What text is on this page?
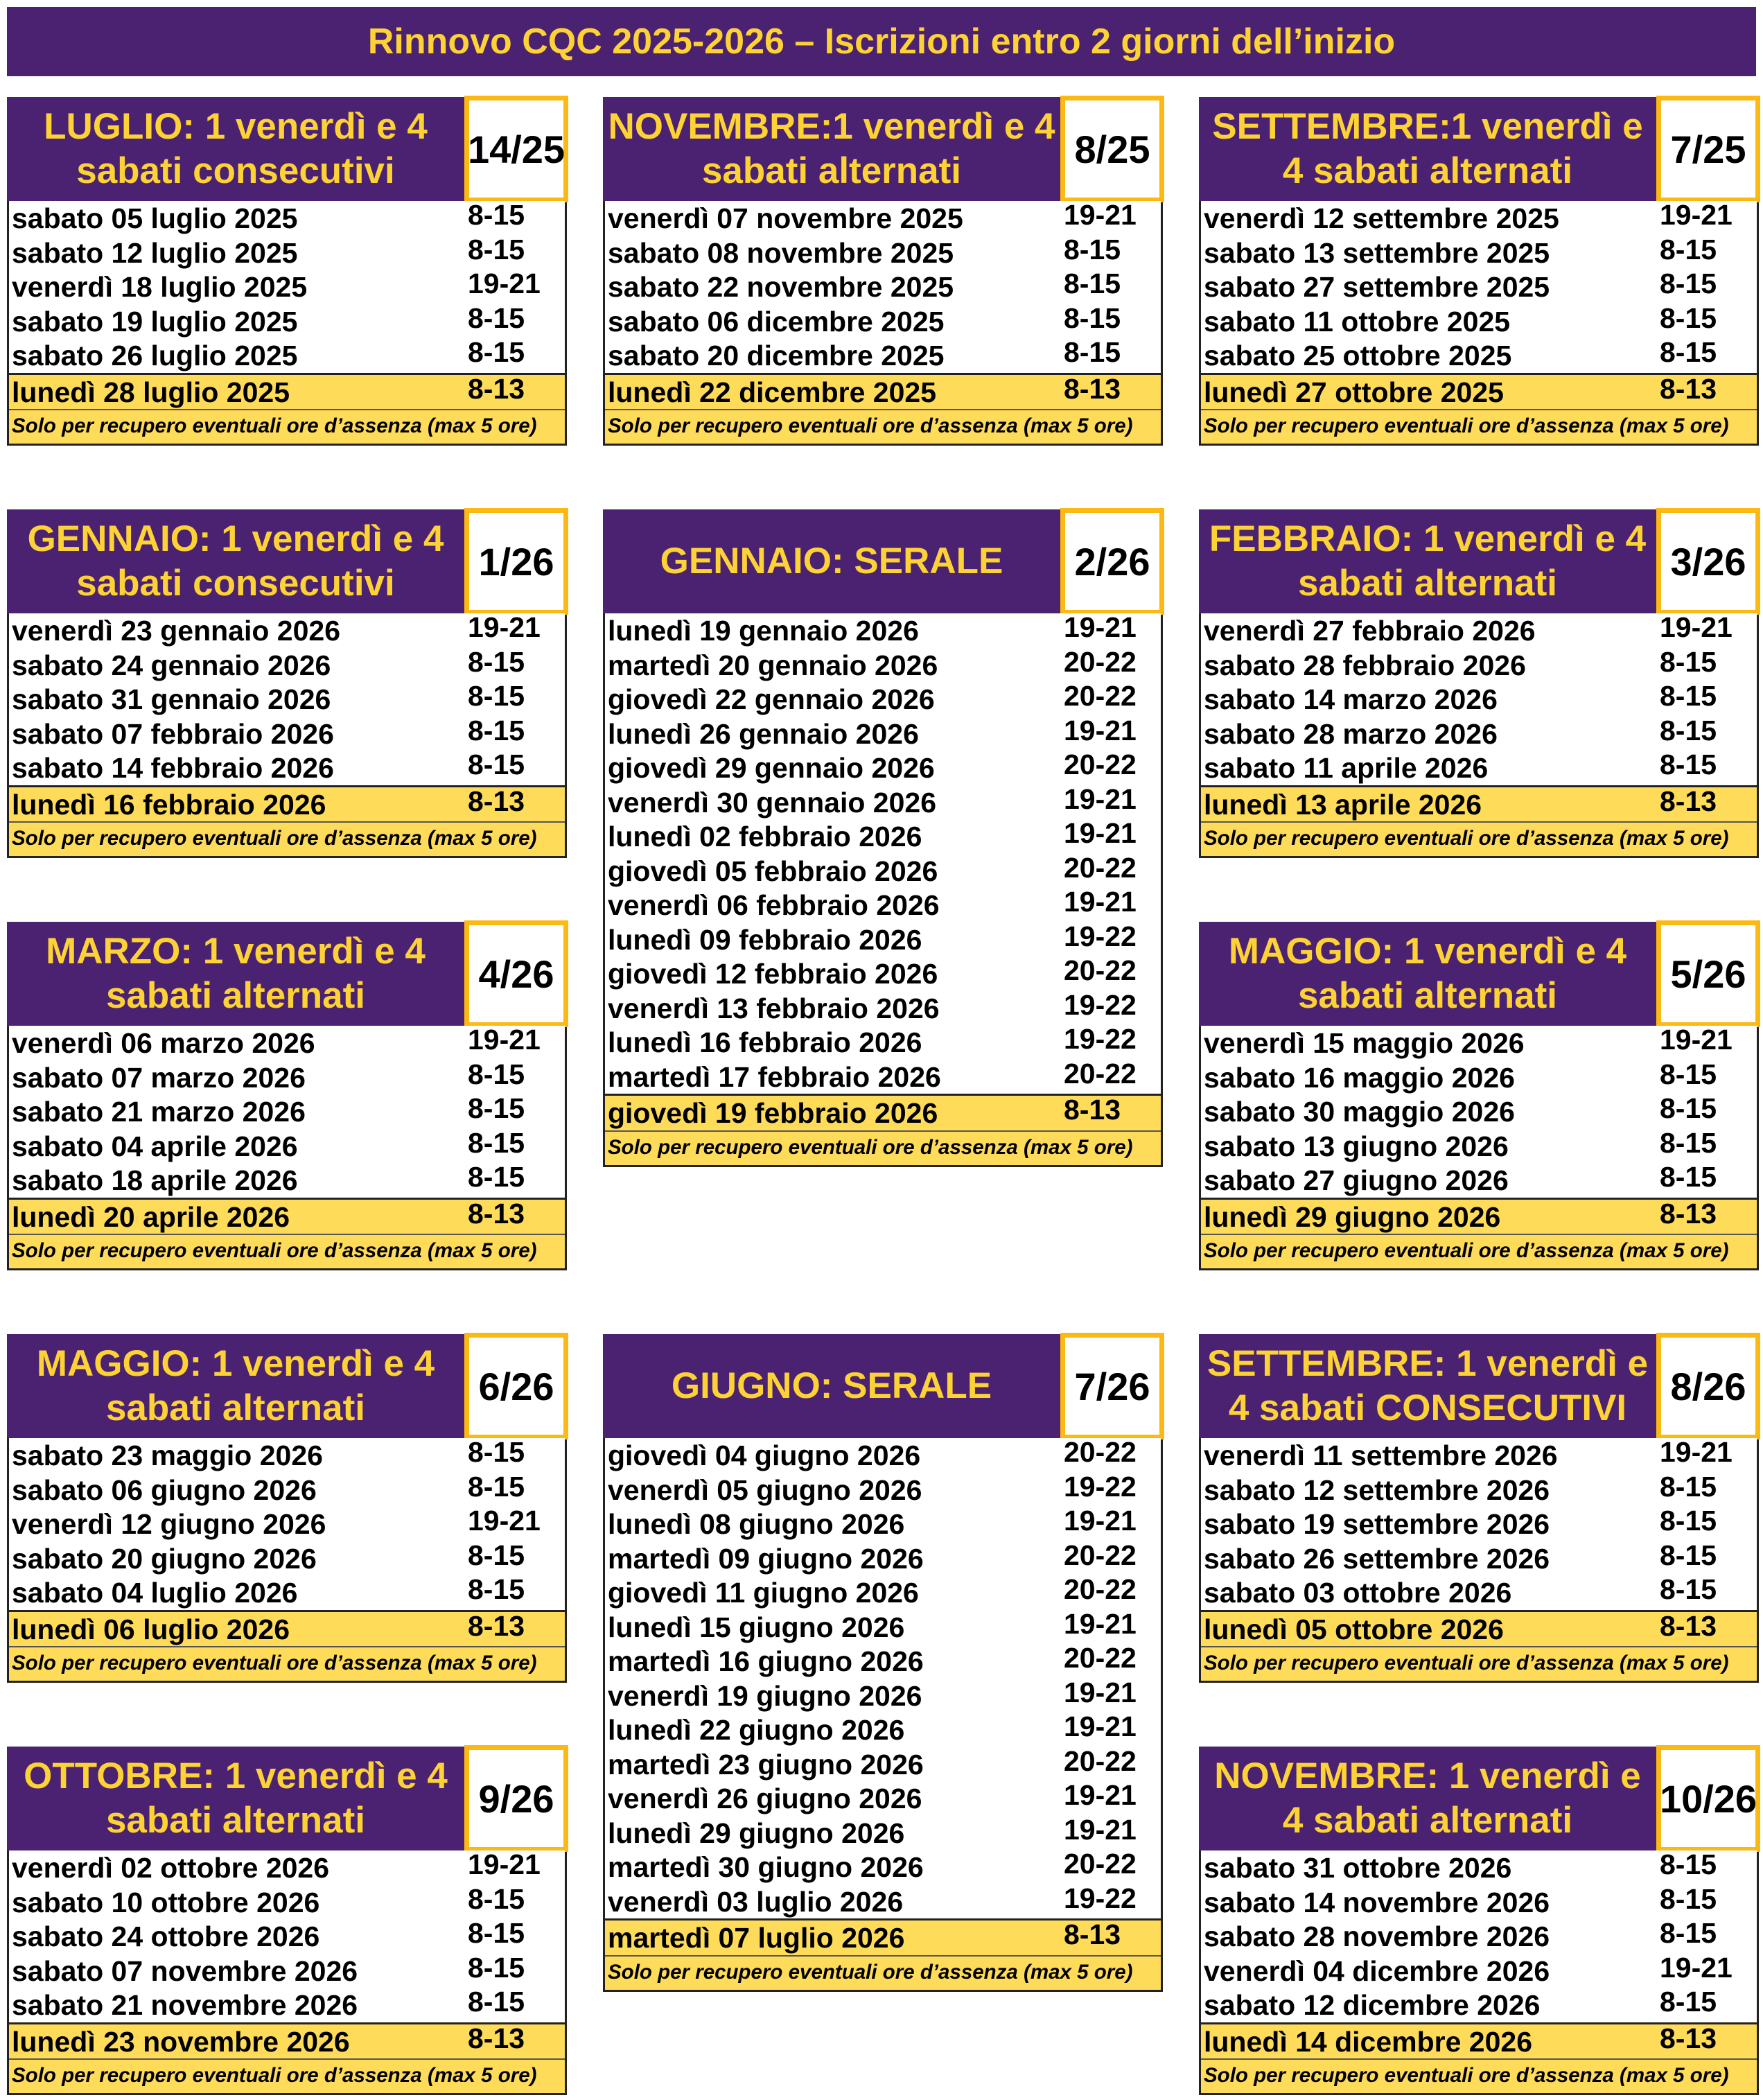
Rinnovo CQC 2025-2026 – Iscrizioni entro 2 giorni dell’inizio
LUGLIO: 1 venerdì e 4 sabati consecutivi	14/25
sabato 05 luglio 2025	8-15
sabato 12 luglio 2025	8-15
venerdì 18 luglio 2025	19-21
sabato 19 luglio 2025	8-15
sabato 26 luglio 2025	8-15
lunedì 28 luglio 2025	8-13
Solo per recupero eventuali ore d’assenza (max 5 ore)
NOVEMBRE:1 venerdì e 4 sabati alternati	8/25
venerdì 07 novembre 2025	19-21
sabato 08 novembre 2025	8-15
sabato 22 novembre 2025	8-15
sabato 06 dicembre 2025	8-15
sabato 20 dicembre 2025	8-15
lunedì 22 dicembre 2025	8-13
Solo per recupero eventuali ore d’assenza (max 5 ore)
SETTEMBRE:1 venerdì e 4 sabati alternati	7/25
venerdì 12 settembre 2025	19-21
sabato 13 settembre 2025	8-15
sabato 27 settembre 2025	8-15
sabato 11 ottobre 2025	8-15
sabato 25 ottobre 2025	8-15
lunedì 27 ottobre 2025	8-13
Solo per recupero eventuali ore d’assenza (max 5 ore)
GENNAIO: 1 venerdì e 4 sabati consecutivi	1/26
venerdì 23 gennaio 2026	19-21
sabato 24 gennaio 2026	8-15
sabato 31 gennaio 2026	8-15
sabato 07 febbraio 2026	8-15
sabato 14 febbraio 2026	8-15
lunedì 16 febbraio 2026	8-13
Solo per recupero eventuali ore d’assenza (max 5 ore)
GENNAIO: SERALE	2/26
lunedì 19 gennaio 2026	19-21
martedì 20 gennaio 2026	20-22
giovedì 22 gennaio 2026	20-22
lunedì 26 gennaio 2026	19-21
giovedì 29 gennaio 2026	20-22
venerdì 30 gennaio 2026	19-21
lunedì 02 febbraio 2026	19-21
giovedì 05 febbraio 2026	20-22
venerdì 06 febbraio 2026	19-21
lunedì 09 febbraio 2026	19-22
giovedì 12 febbraio 2026	20-22
venerdì 13 febbraio 2026	19-22
lunedì 16 febbraio 2026	19-22
martedì 17 febbraio 2026	20-22
giovedì 19 febbraio 2026	8-13
Solo per recupero eventuali ore d’assenza (max 5 ore)
FEBBRAIO: 1 venerdì e 4 sabati alternati	3/26
venerdì 27 febbraio 2026	19-21
sabato 28 febbraio 2026	8-15
sabato 14 marzo 2026	8-15
sabato 28 marzo 2026	8-15
sabato 11 aprile 2026	8-15
lunedì 13 aprile 2026	8-13
Solo per recupero eventuali ore d’assenza (max 5 ore)
MARZO: 1 venerdì e 4 sabati alternati	4/26
venerdì 06 marzo 2026	19-21
sabato 07 marzo 2026	8-15
sabato 21 marzo 2026	8-15
sabato 04 aprile 2026	8-15
sabato 18 aprile 2026	8-15
lunedì 20 aprile 2026	8-13
Solo per recupero eventuali ore d’assenza (max 5 ore)
MAGGIO: 1 venerdì e 4 sabati alternati	5/26
venerdì 15 maggio 2026	19-21
sabato 16 maggio 2026	8-15
sabato 30 maggio 2026	8-15
sabato 13 giugno 2026	8-15
sabato 27 giugno 2026	8-15
lunedì 29 giugno 2026	8-13
Solo per recupero eventuali ore d’assenza (max 5 ore)
MAGGIO: 1 venerdì e 4 sabati alternati	6/26
sabato 23 maggio 2026	8-15
sabato 06 giugno 2026	8-15
venerdì 12 giugno 2026	19-21
sabato 20 giugno 2026	8-15
sabato 04 luglio 2026	8-15
lunedì 06 luglio 2026	8-13
Solo per recupero eventuali ore d’assenza (max 5 ore)
GIUGNO: SERALE	7/26
giovedì 04 giugno 2026	20-22
venerdì 05 giugno 2026	19-22
lunedì 08 giugno 2026	19-21
martedì 09 giugno 2026	20-22
giovedì 11 giugno 2026	20-22
lunedì 15 giugno 2026	19-21
martedì 16 giugno 2026	20-22
venerdì 19 giugno 2026	19-21
lunedì 22 giugno 2026	19-21
martedì 23 giugno 2026	20-22
venerdì 26 giugno 2026	19-21
lunedì 29 giugno 2026	19-21
martedì 30 giugno 2026	20-22
venerdì 03 luglio 2026	19-22
martedì 07 luglio 2026	8-13
Solo per recupero eventuali ore d’assenza (max 5 ore)
SETTEMBRE: 1 venerdì e 4 sabati CONSECUTIVI	8/26
venerdì 11 settembre 2026	19-21
sabato 12 settembre 2026	8-15
sabato 19 settembre 2026	8-15
sabato 26 settembre 2026	8-15
sabato 03 ottobre 2026	8-15
lunedì 05 ottobre 2026	8-13
Solo per recupero eventuali ore d’assenza (max 5 ore)
OTTOBRE: 1 venerdì e 4 sabati alternati	9/26
venerdì 02 ottobre 2026	19-21
sabato 10 ottobre 2026	8-15
sabato 24 ottobre 2026	8-15
sabato 07 novembre 2026	8-15
sabato 21 novembre 2026	8-15
lunedì 23 novembre 2026	8-13
Solo per recupero eventuali ore d’assenza (max 5 ore)
NOVEMBRE: 1 venerdì e 4 sabati alternati	10/26
sabato 31 ottobre 2026	8-15
sabato 14 novembre 2026	8-15
sabato 28 novembre 2026	8-15
venerdì 04 dicembre 2026	19-21
sabato 12 dicembre 2026	8-15
lunedì 14 dicembre 2026	8-13
Solo per recupero eventuali ore d’assenza (max 5 ore)
